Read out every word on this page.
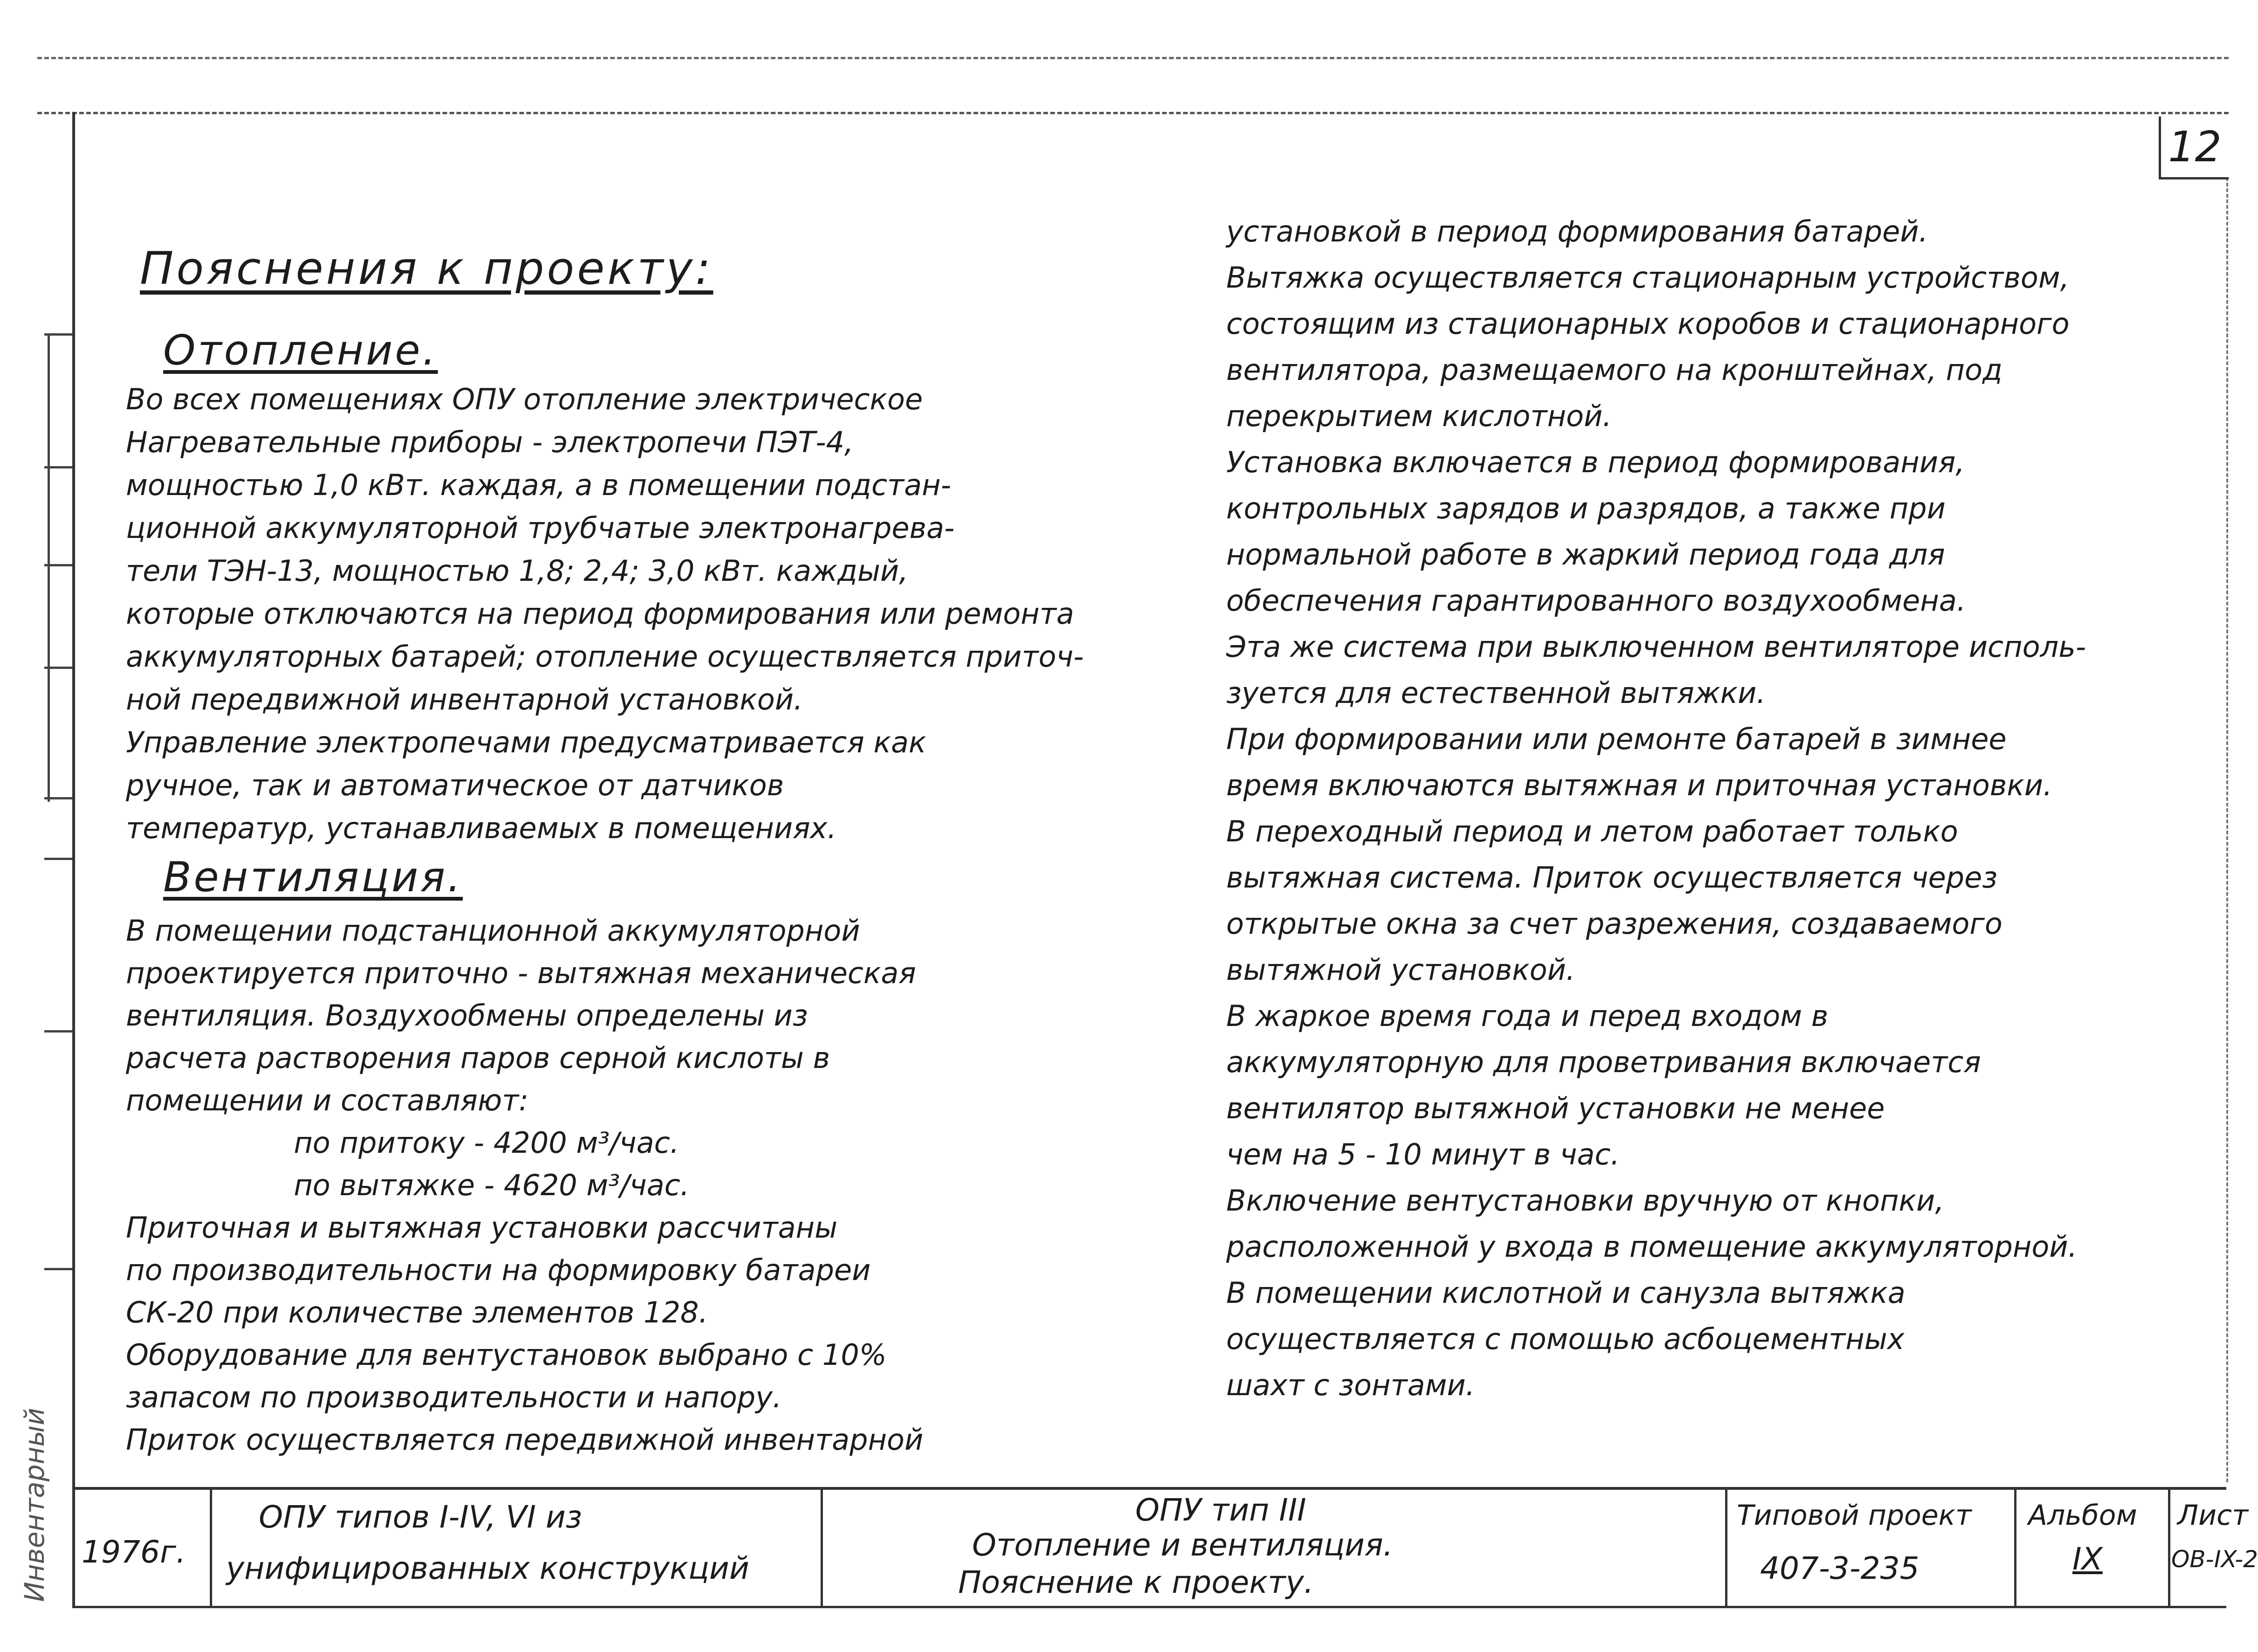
Инвентарный
12
Пояснения к проекту:
Отопление.
Во всех помещениях ОПУ отопление электрическое
Нагревательные приборы - электропечи ПЭТ-4,
мощностью 1,0 кВт. каждая, а в помещении подстан-
ционной аккумуляторной трубчатые электронагрева-
тели ТЭН-13, мощностью 1,8; 2,4; 3,0 кВт. каждый,
которые отключаются на период формирования или ремонта
аккумуляторных батарей; отопление осуществляется приточ-
ной передвижной инвентарной установкой.
Управление электропечами предусматривается как
ручное, так и автоматическое от датчиков
температур, устанавливаемых в помещениях.
Вентиляция.
В помещении подстанционной аккумуляторной
проектируется приточно - вытяжная механическая
вентиляция. Воздухообмены определены из
расчета растворения паров серной кислоты в
помещении и составляют:
по притоку - 4200 м³/час.
по вытяжке - 4620 м³/час.
Приточная и вытяжная установки рассчитаны
по производительности на формировку батареи
СК-20 при количестве элементов 128.
Оборудование для вентустановок выбрано с 10%
запасом по производительности и напору.
Приток осуществляется передвижной инвентарной
установкой в период формирования батарей.
Вытяжка осуществляется стационарным устройством,
состоящим из стационарных коробов и стационарного
вентилятора, размещаемого на кронштейнах, под
перекрытием кислотной.
Установка включается в период формирования,
контрольных зарядов и разрядов, а также при
нормальной работе в жаркий период года для
обеспечения гарантированного воздухообмена.
Эта же система при выключенном вентиляторе исполь-
зуется для естественной вытяжки.
При формировании или ремонте батарей в зимнее
время включаются вытяжная и приточная установки.
В переходный период и летом работает только
вытяжная система. Приток осуществляется через
открытые окна за счет разрежения, создаваемого
вытяжной установкой.
В жаркое время года и перед входом в
аккумуляторную для проветривания включается
вентилятор вытяжной установки не менее
чем на 5 - 10 минут в час.
Включение вентустановки вручную от кнопки,
расположенной у входа в помещение аккумуляторной.
В помещении кислотной и санузла вытяжка
осуществляется с помощью асбоцементных
шахт с зонтами.
1976г.
ОПУ типов I-IV, VI из
унифицированных конструкций
ОПУ тип III
Отопление и вентиляция.
Пояснение к проекту.
Типовой проект
407-3-235
Альбом
IX
Лист
ОВ-IX-2
